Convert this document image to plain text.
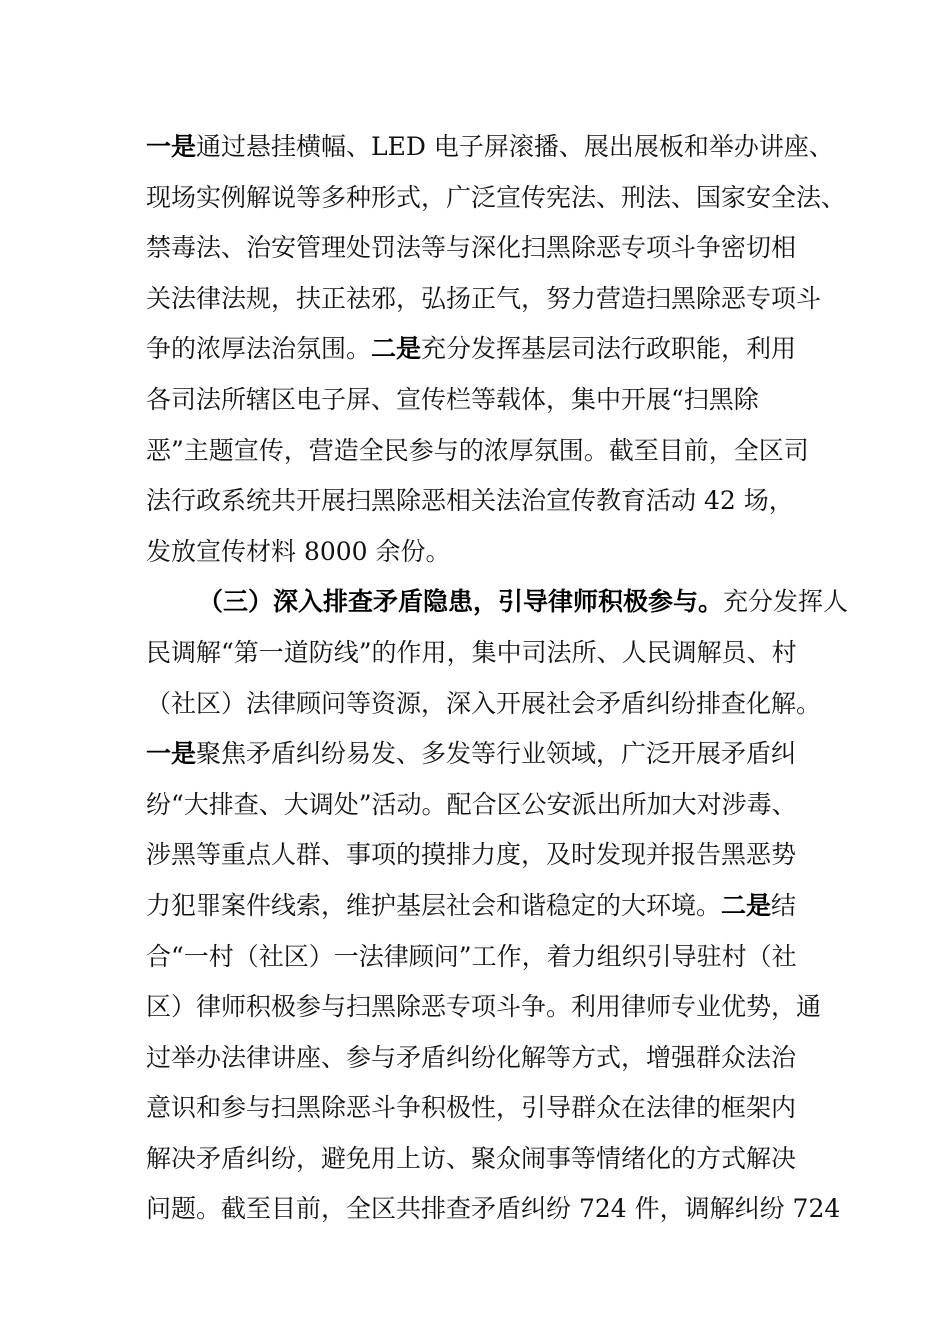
一是通过悬挂横幅、LED 电子屏滚播、展出展板和举办讲座、
现场实例解说等多种形式，广泛宣传宪法、刑法、国家安全法、
禁毒法、治安管理处罚法等与深化扫黑除恶专项斗争密切相
关法律法规，扶正祛邪，弘扬正气，努力营造扫黑除恶专项斗
争的浓厚法治氛围。二是充分发挥基层司法行政职能，利用
各司法所辖区电子屏、宣传栏等载体，集中开展“扫黑除
恶”主题宣传，营造全民参与的浓厚氛围。截至目前，全区司
法行政系统共开展扫黑除恶相关法治宣传教育活动 42 场，
发放宣传材料 8000 余份。
（三）深入排查矛盾隐患，引导律师积极参与。充分发挥人
民调解“第一道防线”的作用，集中司法所、人民调解员、村
（社区）法律顾问等资源，深入开展社会矛盾纠纷排查化解。
一是聚焦矛盾纠纷易发、多发等行业领域，广泛开展矛盾纠
纷“大排查、大调处”活动。配合区公安派出所加大对涉毒、
涉黑等重点人群、事项的摸排力度，及时发现并报告黑恶势
力犯罪案件线索，维护基层社会和谐稳定的大环境。二是结
合“一村（社区）一法律顾问”工作，着力组织引导驻村（社
区）律师积极参与扫黑除恶专项斗争。利用律师专业优势，通
过举办法律讲座、参与矛盾纠纷化解等方式，增强群众法治
意识和参与扫黑除恶斗争积极性，引导群众在法律的框架内
解决矛盾纠纷，避免用上访、聚众闹事等情绪化的方式解决
问题。截至目前，全区共排查矛盾纠纷 724 件，调解纠纷 724
